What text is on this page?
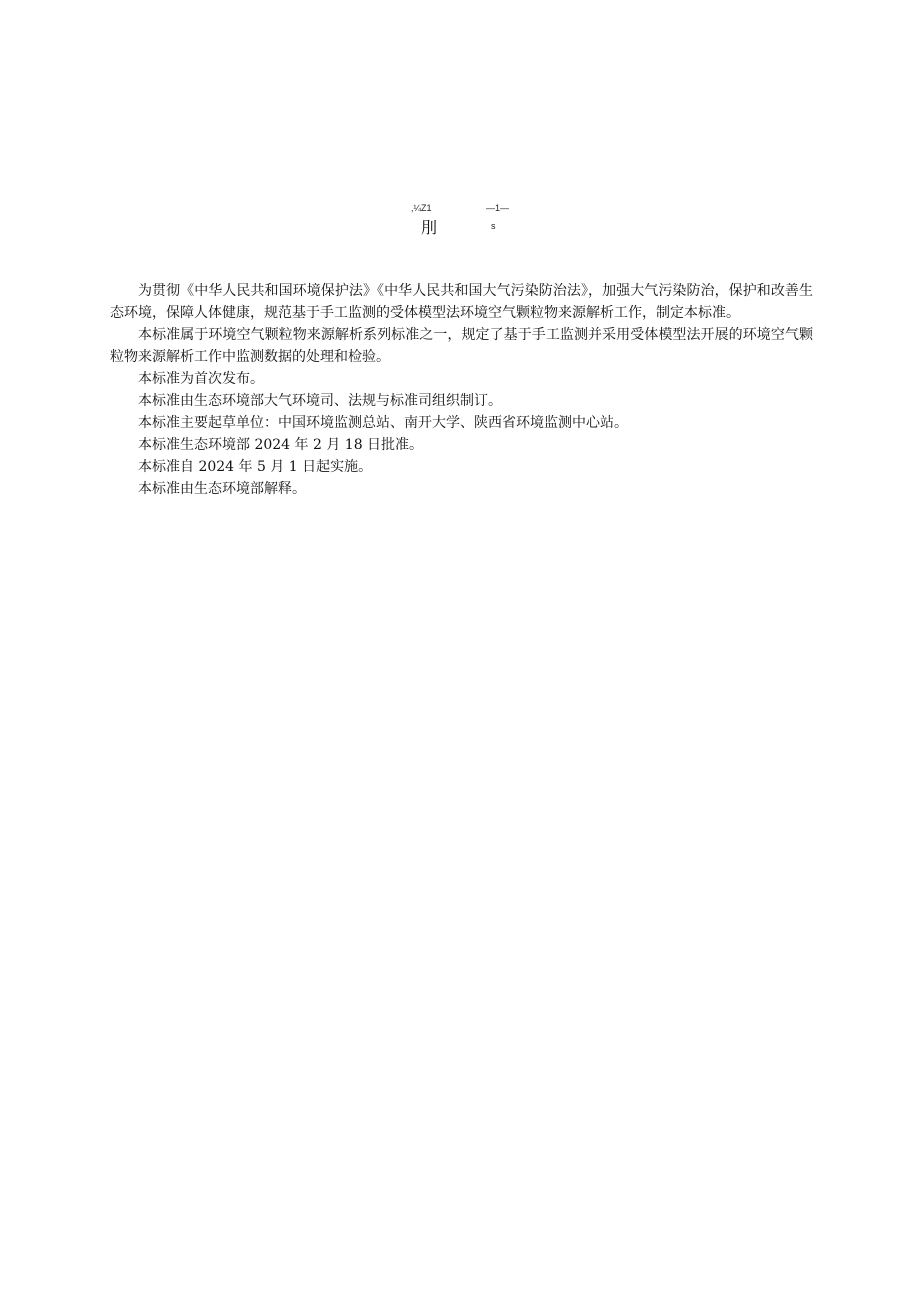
,¼Z1	—1—
刖	s

为贯彻《中华人民共和国环境保护法》《中华人民共和国大气污染防治法》，加强大气污染防治，保护和改善生态环境，保障人体健康，规范基于手工监测的受体模型法环境空气颗粒物来源解析工作，制定本标准。

本标准属于环境空气颗粒物来源解析系列标准之一，规定了基于手工监测并采用受体模型法开展的环境空气颗粒物来源解析工作中监测数据的处理和检验。

本标准为首次发布。

本标准由生态环境部大气环境司、法规与标准司组织制订。

本标准主要起草单位：中国环境监测总站、南开大学、陕西省环境监测中心站。

本标准生态环境部 2024 年 2 月 18 日批准。

本标准自 2024 年 5 月 1 日起实施。

本标准由生态环境部解释。
